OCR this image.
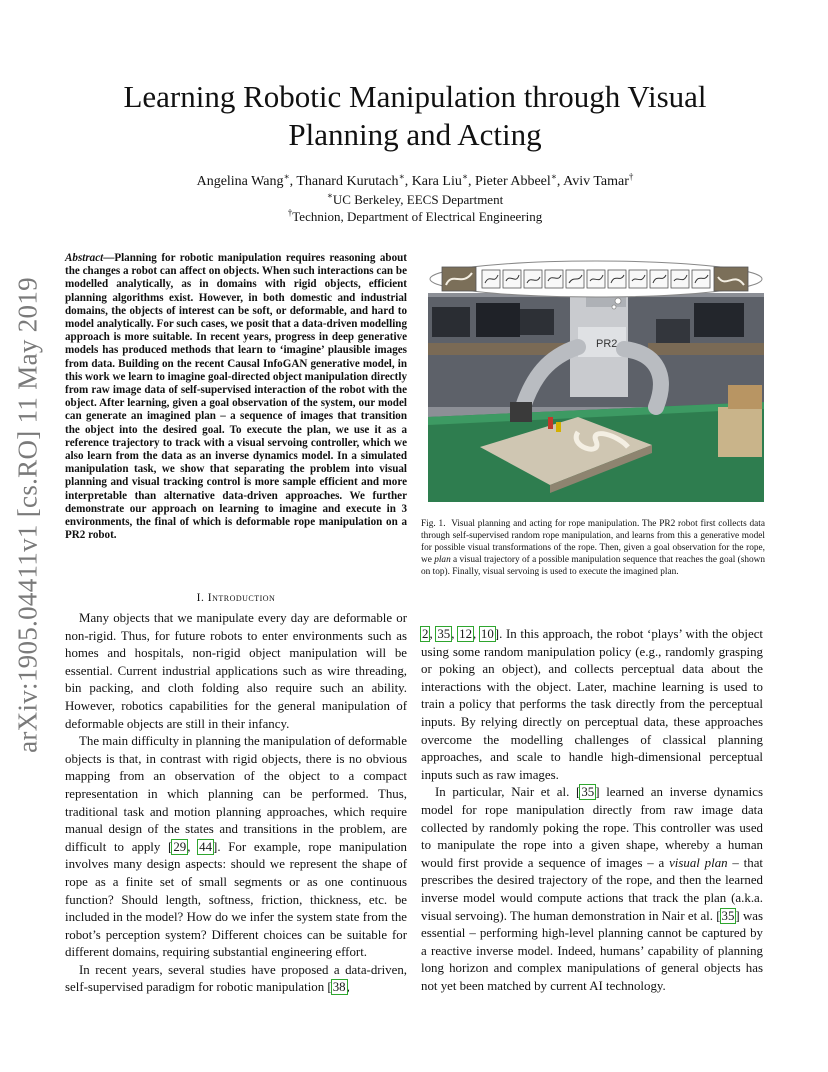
arXiv:1905.04411v1 [cs.RO] 11 May 2019
Learning Robotic Manipulation through Visual
Planning and Acting
Angelina Wang∗, Thanard Kurutach∗, Kara Liu∗, Pieter Abbeel∗, Aviv Tamar†
∗UC Berkeley, EECS Department
†Technion, Department of Electrical Engineering
Abstract—Planning for robotic manipulation requires reasoning about the changes a robot can affect on objects. When such interactions can be modelled analytically, as in domains with rigid objects, efficient planning algorithms exist. However, in both domestic and industrial domains, the objects of interest can be soft, or deformable, and hard to model analytically. For such cases, we posit that a data-driven modelling approach is more suitable. In recent years, progress in deep generative models has produced methods that learn to ‘imagine’ plausible images from data. Building on the recent Causal InfoGAN generative model, in this work we learn to imagine goal-directed object manipulation directly from raw image data of self-supervised interaction of the robot with the object. After learning, given a goal observation of the system, our model can generate an imagined plan – a sequence of images that transition the object into the desired goal. To execute the plan, we use it as a reference trajectory to track with a visual servoing controller, which we also learn from the data as an inverse dynamics model. In a simulated manipulation task, we show that separating the problem into visual planning and visual tracking control is more sample efficient and more interpretable than alternative data-driven approaches. We further demonstrate our approach on learning to imagine and execute in 3 environments, the final of which is deformable rope manipulation on a PR2 robot.
I. Introduction

Many objects that we manipulate every day are deformable or non-rigid. Thus, for future robots to enter environments such as homes and hospitals, non-rigid object manipulation will be essential. Current industrial applications such as wire threading, bin packing, and cloth folding also require such an ability. However, robotics capabilities for the general manipulation of deformable objects are still in their infancy.

The main difficulty in planning the manipulation of deformable objects is that, in contrast with rigid objects, there is no obvious mapping from an observation of the object to a compact representation in which planning can be performed. Thus, traditional task and motion planning approaches, which require manual design of the states and transitions in the problem, are difficult to apply [29, 44]. For example, rope manipulation involves many design aspects: should we represent the shape of rope as a finite set of small segments or as one continuous function? Should length, softness, friction, thickness, etc. be included in the model? How do we infer the system state from the robot’s perception system? Different choices can be suitable for different domains, requiring substantial engineering effort.

In recent years, several studies have proposed a data-driven, self-supervised paradigm for robotic manipulation [38,

2, 35, 12, 10]. In this approach, the robot ‘plays’ with the object using some random manipulation policy (e.g., randomly grasping or poking an object), and collects perceptual data about the interactions with the object. Later, machine learning is used to train a policy that performs the task directly from the perceptual inputs. By relying directly on perceptual data, these approaches overcome the modelling challenges of classical planning approaches, and scale to handle high-dimensional perceptual inputs such as raw images.

In particular, Nair et al. [35] learned an inverse dynamics model for rope manipulation directly from raw image data collected by randomly poking the rope. This controller was used to manipulate the rope into a given shape, whereby a human would first provide a sequence of images – a visual plan – that prescribes the desired trajectory of the rope, and then the learned inverse model would compute actions that track the plan (a.k.a. visual servoing). The human demonstration in Nair et al. [35] was essential – performing high-level planning cannot be captured by a reactive inverse model. Indeed, humans’ capability of planning long horizon and complex manipulations of general objects has not yet been matched by current AI technology.

PR2
Fig. 1. Visual planning and acting for rope manipulation. The PR2 robot first collects data through self-supervised random rope manipulation, and learns from this a generative model for possible visual transformations of the rope. Then, given a goal observation for the rope, we plan a visual trajectory of a possible manipulation sequence that reaches the goal (shown on top). Finally, visual servoing is used to execute the imagined plan.
